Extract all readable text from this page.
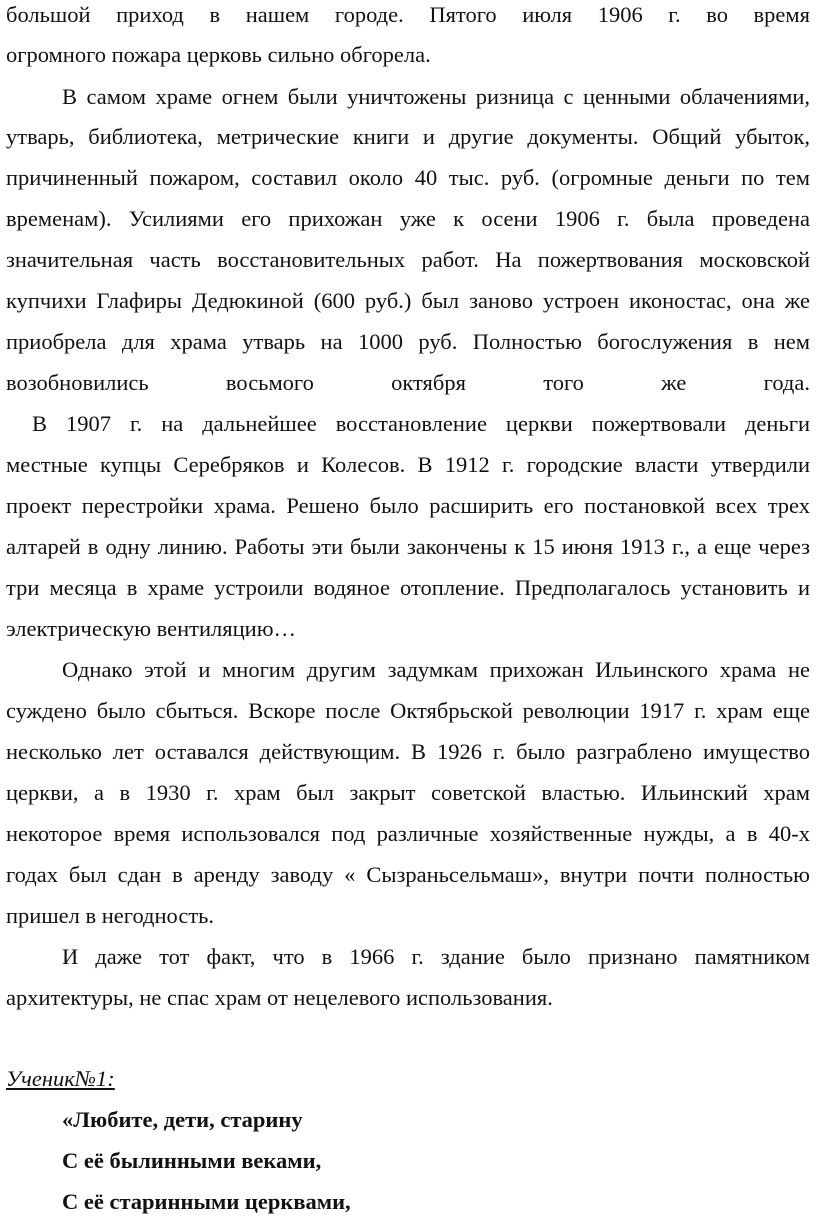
большой приход в нашем городе. Пятого июля 1906 г. во время
огромного пожара церковь сильно обгорела.
В самом храме огнем были уничтожены ризница с ценными облачениями,
утварь, библиотека, метрические книги и другие документы. Общий убыток,
причиненный пожаром, составил около 40 тыс. руб. (огромные деньги по тем
временам). Усилиями его прихожан уже к осени 1906 г. была проведена
значительная часть восстановительных работ. На пожертвования московской
купчихи Глафиры Дедюкиной (600 руб.) был заново устроен иконостас, она же
приобрела для храма утварь на 1000 руб. Полностью богослужения в нем
возобновились восьмого октября того же года.
В 1907 г. на дальнейшее восстановление церкви пожертвовали деньги
местные купцы Серебряков и Колесов. В 1912 г. городские власти утвердили
проект перестройки храма. Решено было расширить его постановкой всех трех
алтарей в одну линию. Работы эти были закончены к 15 июня 1913 г., а еще через
три месяца в храме устроили водяное отопление. Предполагалось установить и
электрическую вентиляцию…
Однако этой и многим другим задумкам прихожан Ильинского храма не
суждено было сбыться. Вскоре после Октябрьской революции 1917 г. храм еще
несколько лет оставался действующим. В 1926 г. было разграблено имущество
церкви, а в 1930 г. храм был закрыт советской властью. Ильинский храм
некоторое время использовался под различные хозяйственные нужды, а в 40-х
годах был сдан в аренду заводу « Сызраньсельмаш», внутри почти полностью
пришел в негодность.
И даже тот факт, что в 1966 г. здание было признано памятником
архитектуры, не спас храм от нецелевого использования.
Ученик№1:
«Любите, дети, старину
С её былинными веками,
С её старинными церквами,
